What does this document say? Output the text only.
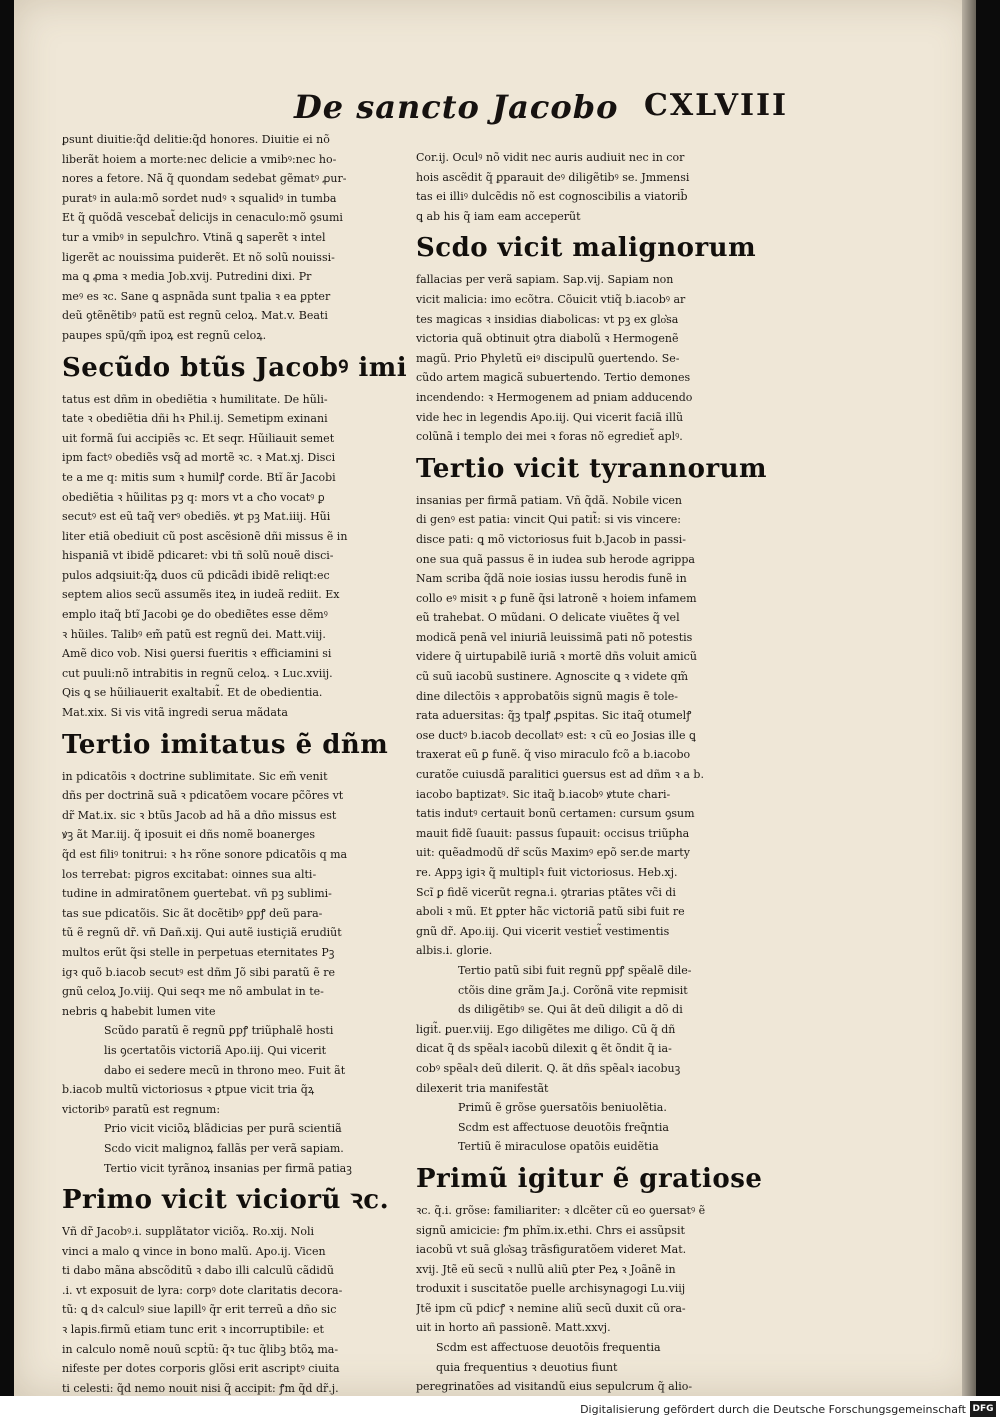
De sancto Jacobo CXLVIII
ꝑsunt diuitie:q̃d delitie:q̃d honores. Diuitie ei nõ
liberãt hoiem a morte:nec delicie a vmibꝰ:nec ho-
nores a fetore. Nã q̃ quondam sedebat gẽmatꝰ ꝓur-
puratꝰ in aula:mõ sordet nudꝰ ꝛ squalidꝰ in tumba
Et q̃ quõdã vescebat̃ delicijs in cenaculo:mõ ꝯsumi
tur a vmibꝰ in sepulcħro. Vtinã ꝗ saperẽt ꝛ intel
ligerẽt ac nouissima puiderẽt. Et nõ solũ nouissi-
ma ꝗ ꝓma ꝛ media Job.xvij. Putredini dixi. Pr
meꝰ es ꝛc. Sane ꝗ aspnãda sunt tpalia ꝛ ea ꝑpter
deũ ꝯtẽnẽtibꝰ patũ est regnũ celoꝝ. Mat.v. Beati
paupes spũ/qm̃ ipoꝝ est regnũ celoꝝ.
Secũdo btũs Jacobꝰ imi
tatus est dñm in obediẽtia ꝛ humilitate. De hũli-
tate ꝛ obediẽtia dñi hꝛ Phil.ij. Semetipm exinani
uit formã ſui accipiẽs ꝛc. Et seqr. Hũiliauit semet
ipm factꝰ obediẽs vsq̃ ad mortẽ ꝛc. ꝛ Mat.xj. Disci
te a me q: mitis sum ꝛ humilꝭ corde. Btĩ ãr Jacobi
obediẽtia ꝛ hũilitas pꝫ q: mors vt a cħo vocatꝰ ꝑ
secutꝰ est eũ taq̃ verꝰ obediẽs. ꝟt pꝫ Mat.iiij. Hũi
liter etiã obediuit cũ post ascẽsionẽ dñi missus ẽ in
hispaniã vt ibidẽ pdicaret: vbi tñ solũ nouẽ disci-
pulos adqsiuit:q̃ꝝ duos cũ pdicãdi ibidẽ reliqt:ec
septem alios secũ assumẽs iteꝝ in iudeã rediit. Ex
emplo itaq̃ btĩ Jacobi ꝯe do obediẽtes esse dẽmꝰ
ꝛ hũiles. Talibꝰ em̃ patũ est regnũ dei. Matt.viij.
Amẽ dico vob. Nisi ꝯuersi fueritis ꝛ efficiamini si
cut puuli:nõ intrabitis in regnũ celoꝝ. ꝛ Luc.xviij.
Qis ꝗ se hũiliauerit exaltabit̃. Et de obedientia.
Mat.xix. Si vis vitã ingredi serua mãdata
Tertio imitatus ẽ dñm
in pdicatõis ꝛ doctrine sublimitate. Sic em̃ venit
dñs per doctrinã suã ꝛ pdicatõem vocare pc̃õres vt
dr̃ Mat.ix. sic ꝛ btũs Jacob ad hã a dño missus est
ꝟꝫ ãt Mar.iij. q̃ iposuit ei dñs nomẽ boanerges
q̃d est filiꝰ tonitrui: ꝛ hꝛ rõne sonore pdicatõis q ma
los terrebat: pigros excitabat: oinnes sua alti-
tudine in admiratõnem ꝯuertebat. vñ pꝫ sublimi-
tas sue pdicatõis. Sic ãt docẽtibꝰ ꝑpꝭ deũ para-
tũ ẽ regnũ dr̃. vñ Dañ.xij. Qui autẽ iustiçiã erudiũt
multos erũt q̃si stelle in perpetuas eternitates Pꝫ
igꝛ quõ b.iacob secutꝰ est dñm Jõ sibi paratũ ẽ re
gnũ celoꝝ Jo.viij. Qui seqꝛ me nõ ambulat in te-
nebris ꝗ habebit lumen vite
Scũdo paratũ ẽ regnũ ꝑpꝭ triũphalẽ hosti
lis ꝯcertatõis victoriã Apo.iij. Qui vicerit
dabo ei sedere mecũ in throno meo. Fuit ãt
b.iacob multũ victoriosus ꝛ ꝑtpue vicit tria q̃ꝝ
victoribꝰ paratũ est regnum:
Prio vicit viciõꝝ blãdicias per purã scientiã
Scdo vicit malignoꝝ fallãs per verã sapiam.
Tertio vicit tyrãnoꝝ insanias per firmã patiaꝫ
Primo vicit viciorũ ꝛc.
Vñ dr̃ Jacobꝰ.i. supplãtator viciõꝝ. Ro.xij. Noli
vinci a malo ꝗ vince in bono malũ. Apo.ij. Vicen
ti dabo mãna abscõditũ ꝛ dabo illi calculũ cãdidũ
.i. vt exposuit de lyra: corpꝰ dote claritatis decora-
tũ: ꝗ dꝛ calculꝰ siue lapillꝰ q̃r erit terreũ a dño sic
ꝛ lapis.firmũ etiam tunc erit ꝛ incorruptibile: et
in calculo nomẽ nouũ scpṫũ: q̃ꝛ tuc q̃libꝫ btõꝝ ma-
nifeste per dotes corporis glõsi erit ascriptꝰ ciuita
ti celesti: q̃d nemo nouit nisi q̃ accipit: ꝭm q̃d dr̃.j.
Cor.ij. Oculꝰ nõ vidit nec auris audiuit nec in cor
hois ascẽdit q̃ ꝑparauit deꝰ diligẽtibꝰ se. Jmmensi
tas ei illiꝰ dulcẽdis nõ est cognoscibilis a viatorib̄
ꝗ ab his q̃ iam eam acceperũt
Scdo vicit malignorum
fallacias per verã sapiam. Sap.vij. Sapiam non
vicit malicia: imo ecõtra. Cõuicit vtiq̃ b.iacobꝰ ar
tes magicas ꝛ insidias diabolicas: vt pꝫ ex glo͛sa
victoria quã obtinuit ꝯtra diabolũ ꝛ Hermogenẽ
magũ. Prio Phyletũ eiꝰ discipulũ ꝯuertendo. Se-
cũdo artem magicã subuertendo. Tertio demones
incendendo: ꝛ Hermogenem ad pniam adducendo
vide hec in legendis Apo.iij. Qui vicerit faciã illũ
colũnã i templo dei mei ꝛ foras nõ egrediet̃ aplꝰ.
Tertio vicit tyrannorum
insanias per firmã patiam. Vñ q̃dã. Nobile vicen
di genꝰ est patia: vincit Qui patit̃: si vis vincere:
disce pati: ꝗ mõ victoriosus fuit b.Jacob in passi-
one sua quã passus ẽ in iudea sub herode agrippa
Nam scriba q̃dã noie iosias iussu herodis funẽ in
collo eꝰ misit ꝛ ꝑ funẽ q̃si latronẽ ꝛ hoiem infamem
eũ trahebat. O mũdani. O delicate viuẽtes q̃ vel
modicã penã vel iniuriã leuissimã pati nõ potestis
videre q̃ uirtupabilẽ iuriã ꝛ mortẽ dñs voluit amicũ
cũ suũ iacobũ sustinere. Agnoscite ꝗ ꝛ videte qm̃
dine dilectõis ꝛ approbatõis signũ magis ẽ tole-
rata aduersitas: q̃ꝫ tpalꝭ ꝓspitas. Sic itaq̃ otumelꝭ
ose ductꝰ b.iacob decollatꝰ est: ꝛ cũ eo Josias ille ꝗ
traxerat eũ ꝑ funẽ. q̃ viso miraculo fcõ a b.iacobo
curatõe cuiusdã paralitici ꝯuersus est ad dñm ꝛ a b.
iacobo baptizatꝰ. Sic itaq̃ b.iacobꝰ ꝟtute chari-
tatis indutꝰ certauit bonũ certamen: cursum ꝯsum
mauit fidẽ ſuauit: passus ſupauit: occisus triũpha
uit: quẽadmodũ dr̃ scũs Maximꝰ epõ ser.de marty
re. Appꝫ igiꝛ q̃ multiplꝛ fuit victoriosus. Heb.xj.
Scĩ ꝑ fidẽ vicerũt regna.i. ꝯtrarias ptãtes vc̃i di
aboli ꝛ mũ. Et ꝑpter hãc victoriã patũ sibi fuit re
gnũ dr̃. Apo.iij. Qui vicerit vestiet̃ vestimentis
albis.i. glorie.
Tertio patũ sibi fuit regnũ ꝑpꝭ spẽalẽ dile-
ctõis dine grãm Ja.j. Corõnã vite repmisit
ds diligẽtibꝰ se. Qui ãt deũ diligit a dõ di
ligit̃. ꝑuer.viij. Ego diligẽtes me diligo. Cũ q̃ dñ
dicat q̃ ds spẽalꝛ iacobũ dilexit ꝗ ẽt õndit q̃ ia-
cobꝰ spẽalꝛ deũ dilerit. Q. ãt dñs spẽalꝛ iacobuꝫ
dilexerit tria manifestãt
Primũ ẽ grõse ꝯuersatõis beniuolẽtia.
Scdm est affectuose deuotõis freq̃ntia
Tertiũ ẽ miraculose opatõis euidẽtia
Primũ igitur ẽ gratiose
ꝛc. q̃.i. grõse: familiariter: ꝛ dlcẽter cũ eo ꝯuersatꝰ ẽ
signũ amicicie: ꝭm phĩm.ix.ethi. Chrs ei assũpsit
iacobũ vt suã glo͛saꝫ trãsfiguratõem videret Mat.
xvij. Jtẽ eũ secũ ꝛ nullũ aliũ ꝑter Peꝝ ꝛ Joãnẽ in
troduxit i suscitatõe puelle archisynagogi Lu.viij
Jtẽ ipm cũ pdicꝭ ꝛ nemine aliũ secũ duxit cũ ora-
uit in horto añ passionẽ. Matt.xxvj.
Scdm est affectuose deuotõis frequentia
quia frequentius ꝛ deuotius fiunt
peregrinatões ad visitandũ eius sepulcrum q̃ alio-
Digitalisierung gefördert durch die Deutsche Forschungsgemeinschaft DFG
